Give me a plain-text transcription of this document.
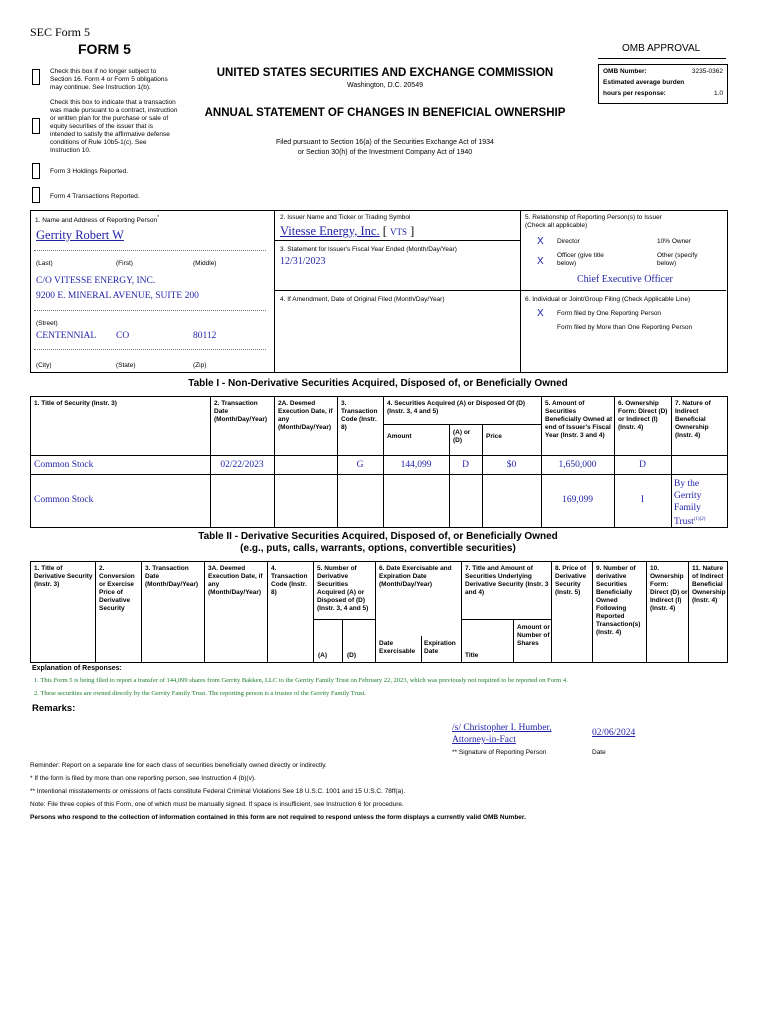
SEC Form 5
FORM 5	OMB APPROVAL
OMB Number:	3235-0362
Estimated average burden
hours per response:	1.0
UNITED STATES SECURITIES AND EXCHANGE COMMISSION
Washington, D.C. 20549
ANNUAL STATEMENT OF CHANGES IN BENEFICIAL OWNERSHIP
Filed pursuant to Section 16(a) of the Securities Exchange Act of 1934
or Section 30(h) of the Investment Company Act of 1940
Check this box if no longer subject to Section 16. Form 4 or Form 5 obligations may continue. See Instruction 1(b).
Check this box to indicate that a transaction was made pursuant to a contract, instruction or written plan for the purchase or sale of equity securities of the issuer that is intended to satisfy the affirmative defense conditions of Rule 10b5-1(c). See Instruction 10.
Form 3 Holdings Reported.
Form 4 Transactions Reported.
1. Name and Address of Reporting Person*
Gerrity Robert W
(Last)	(First)	(Middle)
C/O VITESSE ENERGY, INC.
9200 E. MINERAL AVENUE, SUITE 200
(Street)
CENTENNIAL CO	80112
(City)	(State)	(Zip)
2. Issuer Name and Ticker or Trading Symbol
Vitesse Energy, Inc. [ VTS ]
3. Statement for Issuer's Fiscal Year Ended (Month/Day/Year)
12/31/2023
4. If Amendment, Date of Original Filed (Month/Day/Year)
5. Relationship of Reporting Person(s) to Issuer
(Check all applicable)
X Director	10% Owner
X
Officer (give title below)
Other (specify below)
Chief Executive Officer
6. Individual or Joint/Group Filing (Check Applicable Line)
X Form filed by One Reporting Person
Form filed by More than One Reporting Person
Table I - Non-Derivative Securities Acquired, Disposed of, or Beneficially Owned
1. Title of Security (Instr. 3)	2. Transaction Date (Month/Day/Year)
2A. Deemed Execution Date, if any (Month/Day/Year)
3. Transaction Code (Instr. 8)
4. Securities Acquired (A) or Disposed Of (D) (Instr. 3, 4 and 5)
Amount
(A) or (D)
Price
5. Amount of Securities Beneficially Owned at end of Issuer's Fiscal Year (Instr. 3 and 4)
6. Ownership Form: Direct (D) or Indirect (I) (Instr. 4)
7. Nature of Indirect Beneficial Ownership (Instr. 4)
Common Stock	02/22/2023	G	144,099	D	$0	1,650,000	D
Common Stock	169,099	I
By the Gerrity Family Trust$^{(1)(2)}$
Table II - Derivative Securities Acquired, Disposed of, or Beneficially Owned
(e.g., puts, calls, warrants, options, convertible securities)
1. Title of Derivative Security (Instr. 3)
2. Conversion or Exercise Price of Derivative Security
3. Transaction Date (Month/Day/Year)
3A. Deemed Execution Date, if any (Month/Day/Year)
4. Transaction Code (Instr. 8)
5. Number of Derivative Securities Acquired (A) or Disposed of (D) (Instr. 3, 4 and 5)
(A)	(D)
6. Date Exercisable and Expiration Date (Month/Day/Year)
Date Exercisable
Expiration Date
7. Title and Amount of Securities Underlying Derivative Security (Instr. 3 and 4)
Title
Amount or Number of Shares
8. Price of Derivative Security (Instr. 5)
9. Number of derivative Securities Beneficially Owned Following Reported Transaction(s) (Instr. 4)
10. Ownership Form: Direct (D) or Indirect (I) (Instr. 4)
11. Nature of Indirect Beneficial Ownership (Instr. 4)
Explanation of Responses:
1. This Form 5 is being filed to report a transfer of 144,099 shares from Gerrity Bakken, LLC to the Gerrity Family Trust on February 22, 2023, which was previously not required to be reported on Form 4.
2. These securities are owned directly by the Gerrity Family Trust. The reporting person is a trustee of the Gerrity Family Trust.
Remarks:
/s/ Christopher I. Humber,
Attorney-in-Fact
02/06/2024
** Signature of Reporting Person	Date
Reminder: Report on a separate line for each class of securities beneficially owned directly or indirectly.
* If the form is filed by more than one reporting person, see Instruction 4 (b)(v).
** Intentional misstatements or omissions of facts constitute Federal Criminal Violations See 18 U.S.C. 1001 and 15 U.S.C. 78ff(a).
Note: File three copies of this Form, one of which must be manually signed. If space is insufficient, see Instruction 6 for procedure.
Persons who respond to the collection of information contained in this form are not required to respond unless the form displays a currently valid OMB Number.
